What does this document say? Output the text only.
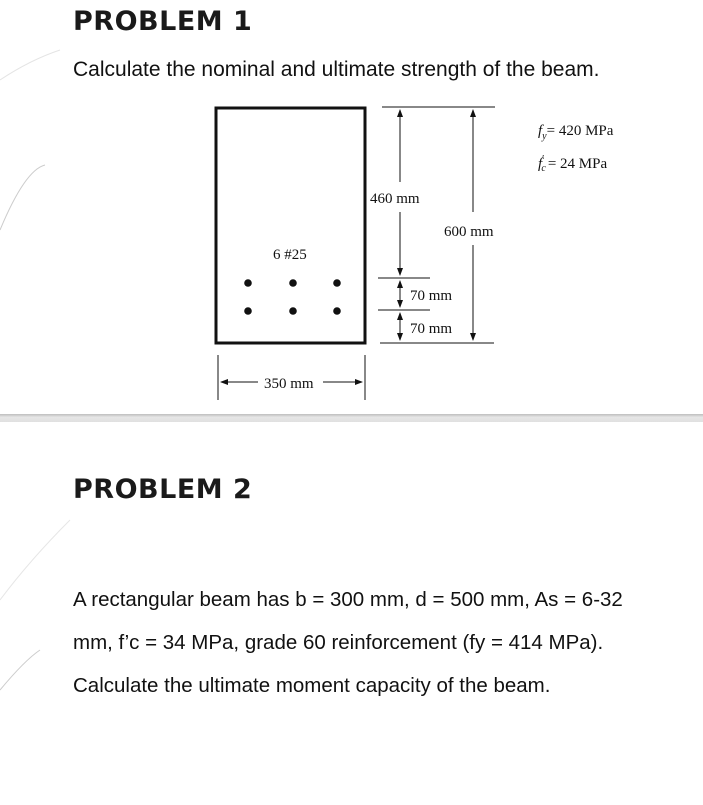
PROBLEM 1
Calculate the nominal and ultimate strength of the beam.
6 #25
460 mm
600 mm
70 mm
70 mm
350 mm
$f_y= 420$ MPa
f′ c = 24 MPa
PROBLEM 2
A rectangular beam has b = 300 mm, d = 500 mm, As = 6-32 mm, f’c = 34 MPa, grade 60 reinforcement (fy = 414 MPa). Calculate the ultimate moment capacity of the beam.
